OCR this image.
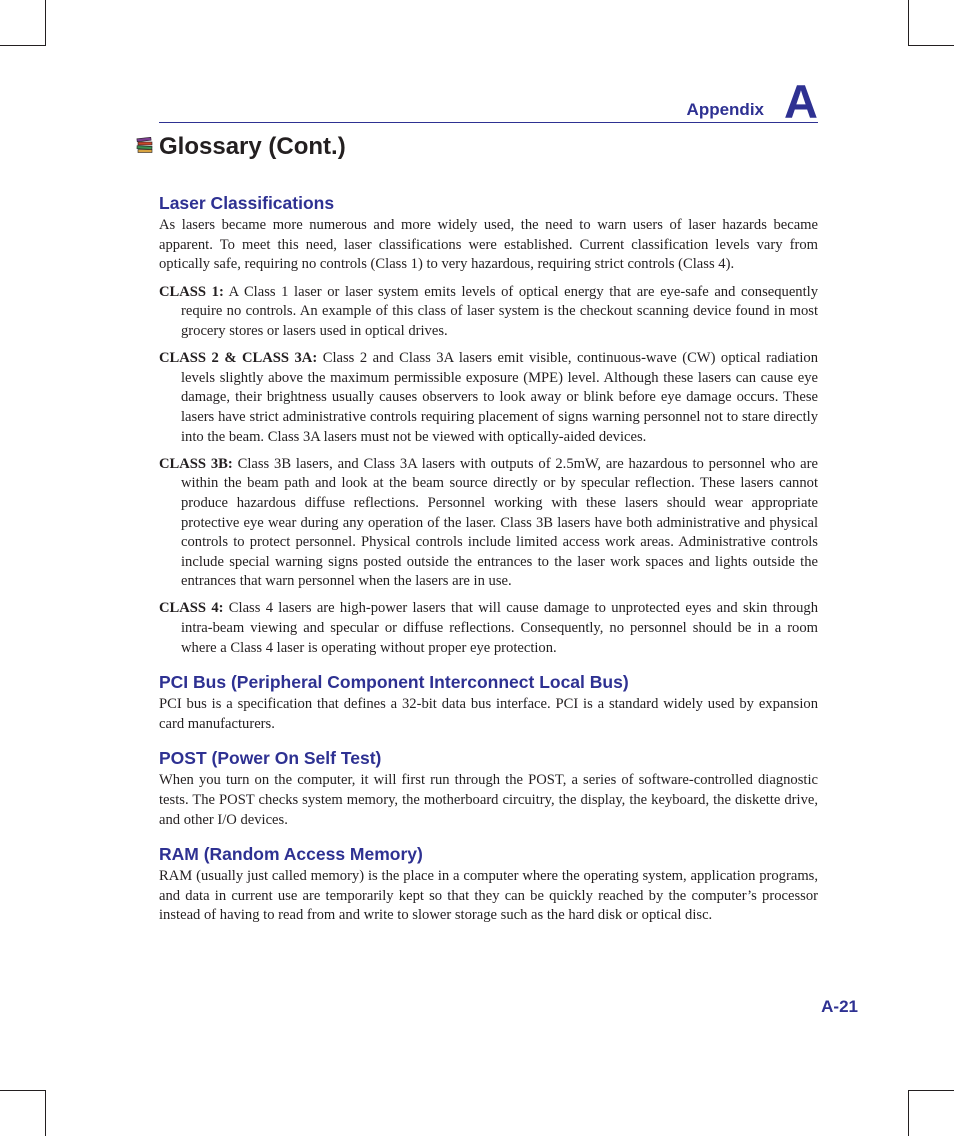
Appendix A
Glossary (Cont.)
Laser Classifications

As lasers became more numerous and more widely used, the need to warn users of laser hazards became apparent. To meet this need, laser classifications were established. Current classification levels vary from optically safe, requiring no controls (Class 1) to very hazardous, requiring strict controls (Class 4).

CLASS 1: A Class 1 laser or laser system emits levels of optical energy that are eye-safe and consequently require no controls. An example of this class of laser system is the checkout scanning device found in most grocery stores or lasers used in optical drives.

CLASS 2 & CLASS 3A: Class 2 and Class 3A lasers emit visible, continuous-wave (CW) optical radiation levels slightly above the maximum permissible exposure (MPE) level. Although these lasers can cause eye damage, their brightness usually causes observers to look away or blink before eye damage occurs. These lasers have strict administrative controls requiring placement of signs warning personnel not to stare directly into the beam. Class 3A lasers must not be viewed with optically-aided devices.

CLASS 3B: Class 3B lasers, and Class 3A lasers with outputs of 2.5mW, are hazardous to personnel who are within the beam path and look at the beam source directly or by specular reflection. These lasers cannot produce hazardous diffuse reflections. Personnel working with these lasers should wear appropriate protective eye wear during any operation of the laser. Class 3B lasers have both administrative and physical controls to protect personnel. Physical controls include limited access work areas. Administrative controls include special warning signs posted outside the entrances to the laser work spaces and lights outside the entrances that warn personnel when the lasers are in use.

CLASS 4: Class 4 lasers are high-power lasers that will cause damage to unprotected eyes and skin through intra-beam viewing and specular or diffuse reflections. Consequently, no personnel should be in a room where a Class 4 laser is operating without proper eye protection.

PCI Bus (Peripheral Component Interconnect Local Bus)

PCI bus is a specification that defines a 32-bit data bus interface. PCI is a standard widely used by expansion card manufacturers.

POST (Power On Self Test)

When you turn on the computer, it will first run through the POST, a series of software-controlled diagnostic tests. The POST checks system memory, the motherboard circuitry, the display, the keyboard, the diskette drive, and other I/O devices.

RAM (Random Access Memory)

RAM (usually just called memory) is the place in a computer where the operating system, application programs, and data in current use are temporarily kept so that they can be quickly reached by the computer’s processor instead of having to read from and write to slower storage such as the hard disk or optical disc.

A-21
